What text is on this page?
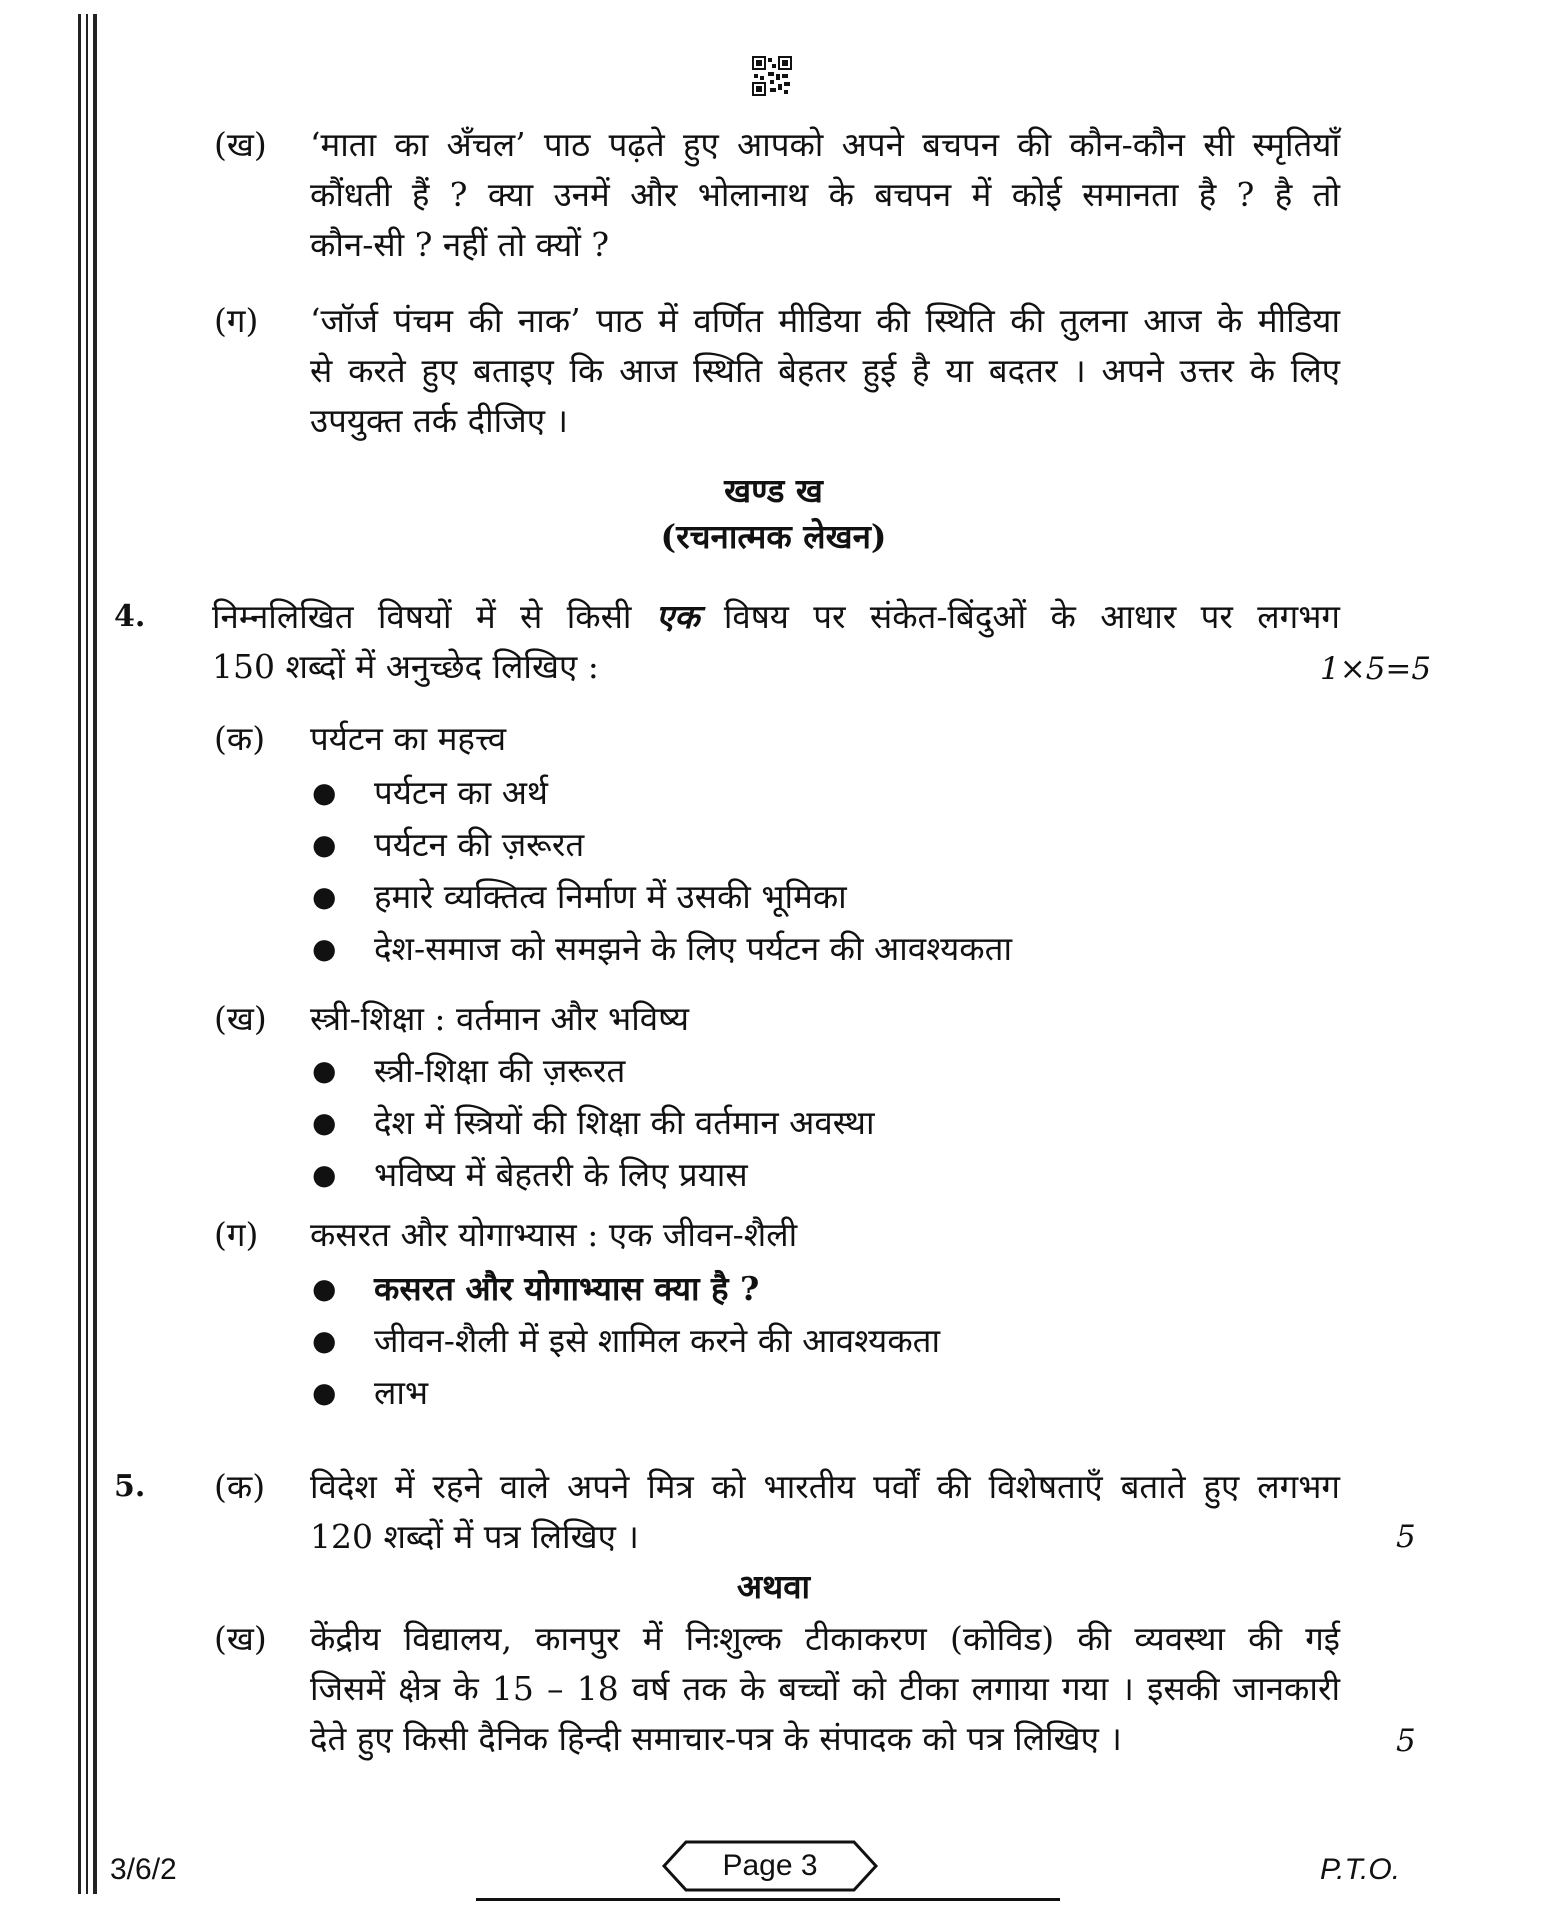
(ख) ‘माता का अँचल’ पाठ पढ़ते हुए आपको अपने बचपन की कौन-कौन सी स्मृतियाँ
कौंधती हैं ? क्या उनमें और भोलानाथ के बचपन में कोई समानता है ? है तो
कौन-सी ? नहीं तो क्यों ?
(ग) ‘जॉर्ज पंचम की नाक’ पाठ में वर्णित मीडिया की स्थिति की तुलना आज के मीडिया
से करते हुए बताइए कि आज स्थिति बेहतर हुई है या बदतर । अपने उत्तर के लिए
उपयुक्त तर्क दीजिए ।
खण्ड ख
(रचनात्मक लेखन)
4. निम्नलिखित विषयों में से किसी एक विषय पर संकेत-बिंदुओं के आधार पर लगभग
150 शब्दों में अनुच्छेद लिखिए :	1×5=5
(क) पर्यटन का महत्त्व
● पर्यटन का अर्थ
● पर्यटन की ज़रूरत
● हमारे व्यक्तित्व निर्माण में उसकी भूमिका
● देश-समाज को समझने के लिए पर्यटन की आवश्यकता
(ख) स्त्री-शिक्षा : वर्तमान और भविष्य
● स्त्री-शिक्षा की ज़रूरत
● देश में स्त्रियों की शिक्षा की वर्तमान अवस्था
● भविष्य में बेहतरी के लिए प्रयास
(ग) कसरत और योगाभ्यास : एक जीवन-शैली
● कसरत और योगाभ्यास क्या है ?
● जीवन-शैली में इसे शामिल करने की आवश्यकता
● लाभ
5. (क) विदेश में रहने वाले अपने मित्र को भारतीय पर्वों की विशेषताएँ बताते हुए लगभग
120 शब्दों में पत्र लिखिए ।	5
अथवा
(ख) केंद्रीय विद्यालय, कानपुर में निःशुल्क टीकाकरण (कोविड) की व्यवस्था की गई
जिसमें क्षेत्र के 15 – 18 वर्ष तक के बच्चों को टीका लगाया गया । इसकी जानकारी
देते हुए किसी दैनिक हिन्दी समाचार-पत्र के संपादक को पत्र लिखिए ।	5
3/6/2	Page 3	P.T.O.
